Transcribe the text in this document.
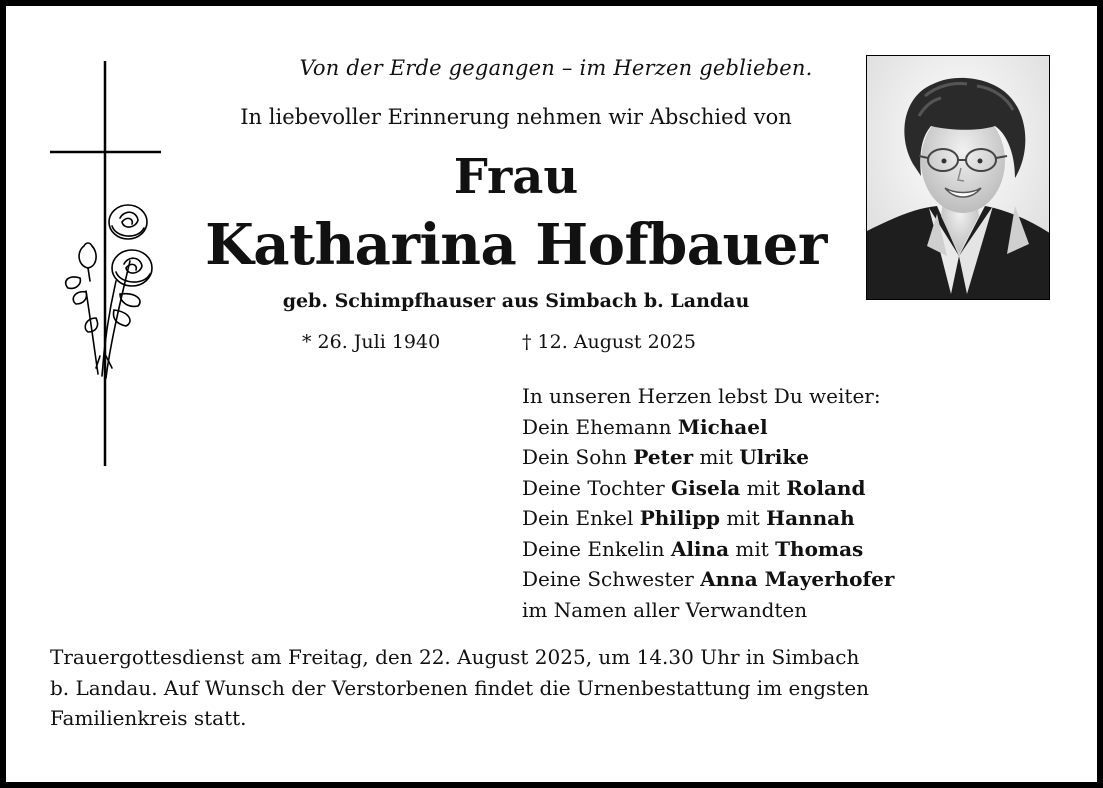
Von der Erde gegangen – im Herzen geblieben.
In liebevoller Erinnerung nehmen wir Abschied von
Frau
Katharina Hofbauer
geb. Schimpfhauser aus Simbach b. Landau
* 26. Juli 1940	† 12. August 2025
In unseren Herzen lebst Du weiter:
Dein Ehemann Michael
Dein Sohn Peter mit Ulrike
Deine Tochter Gisela mit Roland
Dein Enkel Philipp mit Hannah
Deine Enkelin Alina mit Thomas
Deine Schwester Anna Mayerhofer
im Namen aller Verwandten
Trauergottesdienst am Freitag, den 22. August 2025, um 14.30 Uhr in Simbach
b. Landau. Auf Wunsch der Verstorbenen findet die Urnenbestattung im engsten
Familienkreis statt.
